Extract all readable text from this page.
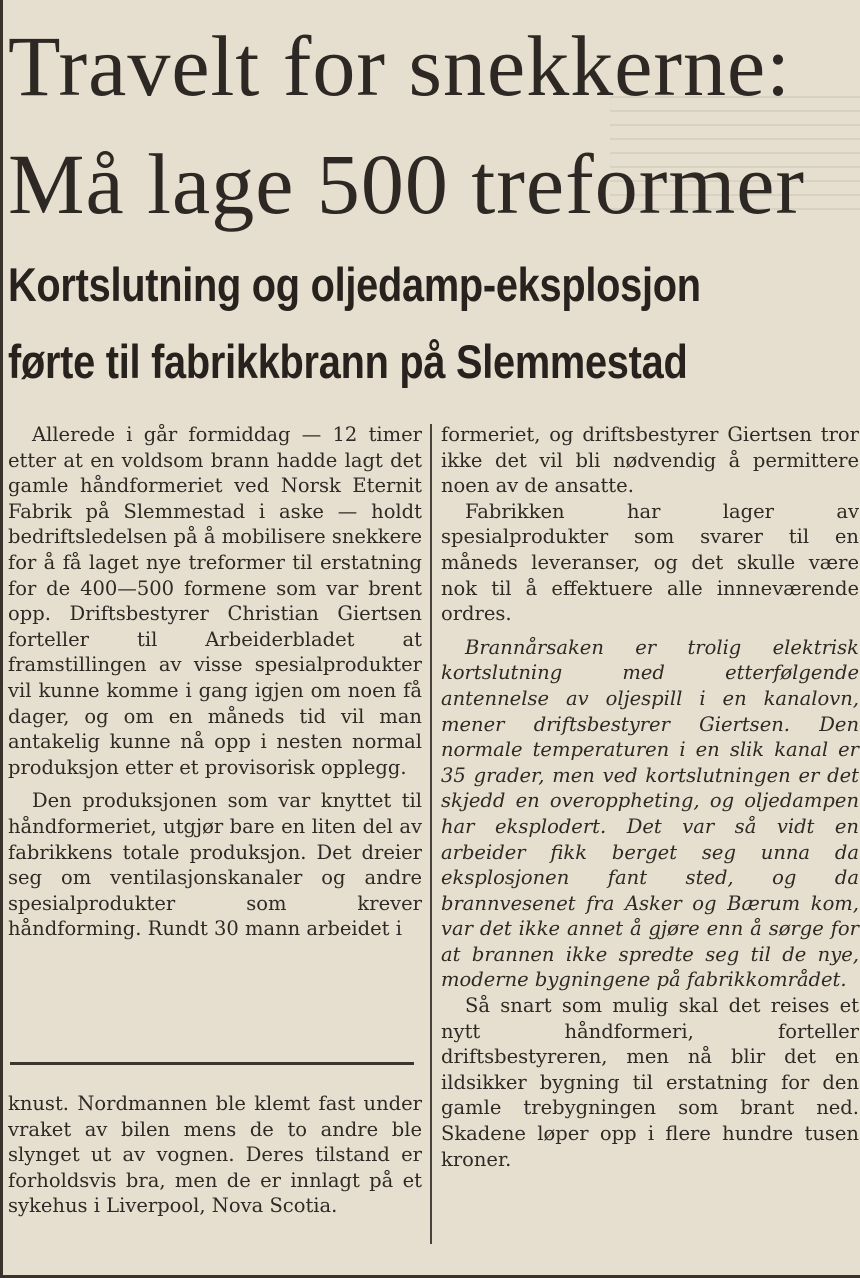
Travelt for snekkerne:
Må lage 500 treformer
Kortslutning og oljedamp-eksplosjon
førte til fabrikkbrann på Slemmestad

Allerede i går formiddag — 12 timer etter at en voldsom brann hadde lagt det gamle håndformeriet ved Norsk Eternit Fabrik på Slemmestad i aske — holdt bedriftsledelsen på å mobilisere snekkere for å få laget nye treformer til erstatning for de 400—500 formene som var brent opp. Driftsbestyrer Christian Giertsen forteller til Arbeiderbladet at framstillingen av visse spesialprodukter vil kunne komme i gang igjen om noen få dager, og om en måneds tid vil man antakelig kunne nå opp i nesten normal produksjon etter et provisorisk opplegg.

Den produksjonen som var knyttet til håndformeriet, utgjør bare en liten del av fabrikkens totale produksjon. Det dreier seg om ventilasjonskanaler og andre spesialprodukter som krever håndforming. Rundt 30 mann arbeidet i

formeriet, og driftsbestyrer Giertsen tror ikke det vil bli nødvendig å permittere noen av de ansatte.

Fabrikken har lager av spesialprodukter som svarer til en måneds leveranser, og det skulle være nok til å effektuere alle innneværende ordres.

Brannårsaken er trolig elektrisk kortslutning med etterfølgende antennelse av oljespill i en kanalovn, mener driftsbestyrer Giertsen. Den normale temperaturen i en slik kanal er 35 grader, men ved kortslutningen er det skjedd en overoppheting, og oljedampen har eksplodert. Det var så vidt en arbeider fikk berget seg unna da eksplosjonen fant sted, og da brannvesenet fra Asker og Bærum kom, var det ikke annet å gjøre enn å sørge for at brannen ikke spredte seg til de nye, moderne bygningene på fabrikkområdet.

Så snart som mulig skal det reises et nytt håndformeri, forteller driftsbestyreren, men nå blir det en ildsikker bygning til erstatning for den gamle trebygningen som brant ned. Skadene løper opp i flere hundre tusen kroner.

knust. Nordmannen ble klemt fast under vraket av bilen mens de to andre ble slynget ut av vognen. Deres tilstand er forholdsvis bra, men de er innlagt på et sykehus i Liverpool, Nova Scotia.
